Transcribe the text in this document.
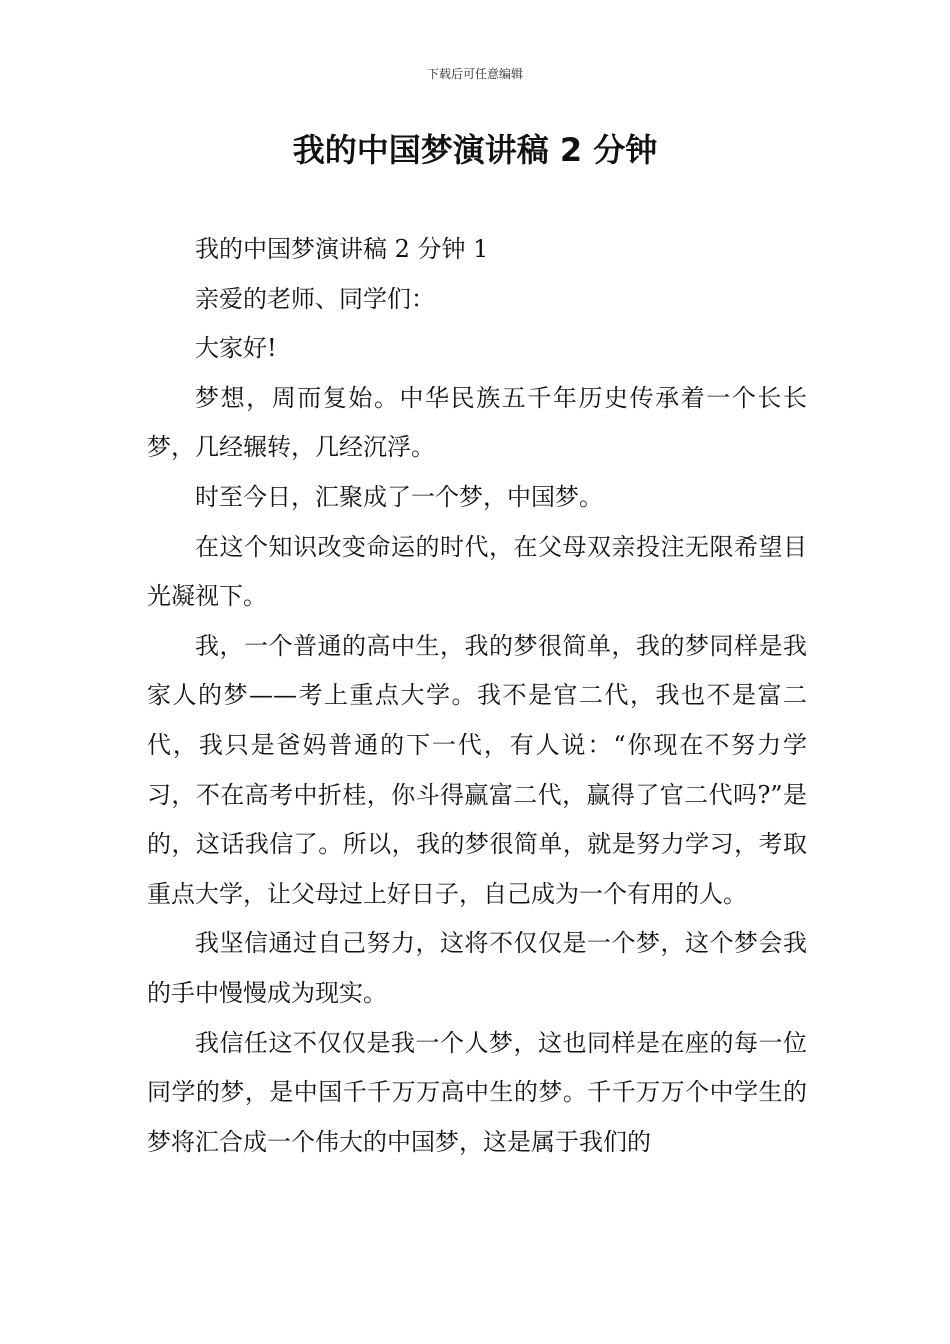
下载后可任意编辑
我的中国梦演讲稿 2 分钟

我的中国梦演讲稿 2 分钟 1

亲爱的老师、同学们：

大家好!

梦想，周而复始。中华民族五千年历史传承着一个长长梦，几经辗转，几经沉浮。

时至今日，汇聚成了一个梦，中国梦。

在这个知识改变命运的时代，在父母双亲投注无限希望目光凝视下。

我，一个普通的高中生，我的梦很简单，我的梦同样是我家人的梦——考上重点大学。我不是官二代，我也不是富二代，我只是爸妈普通的下一代，有人说：“你现在不努力学习，不在高考中折桂，你斗得赢富二代，赢得了官二代吗?”是的，这话我信了。所以，我的梦很简单，就是努力学习，考取重点大学，让父母过上好日子，自己成为一个有用的人。

我坚信通过自己努力，这将不仅仅是一个梦，这个梦会我的手中慢慢成为现实。

我信任这不仅仅是我一个人梦，这也同样是在座的每一位同学的梦，是中国千千万万高中生的梦。千千万万个中学生的梦将汇合成一个伟大的中国梦，这是属于我们的
